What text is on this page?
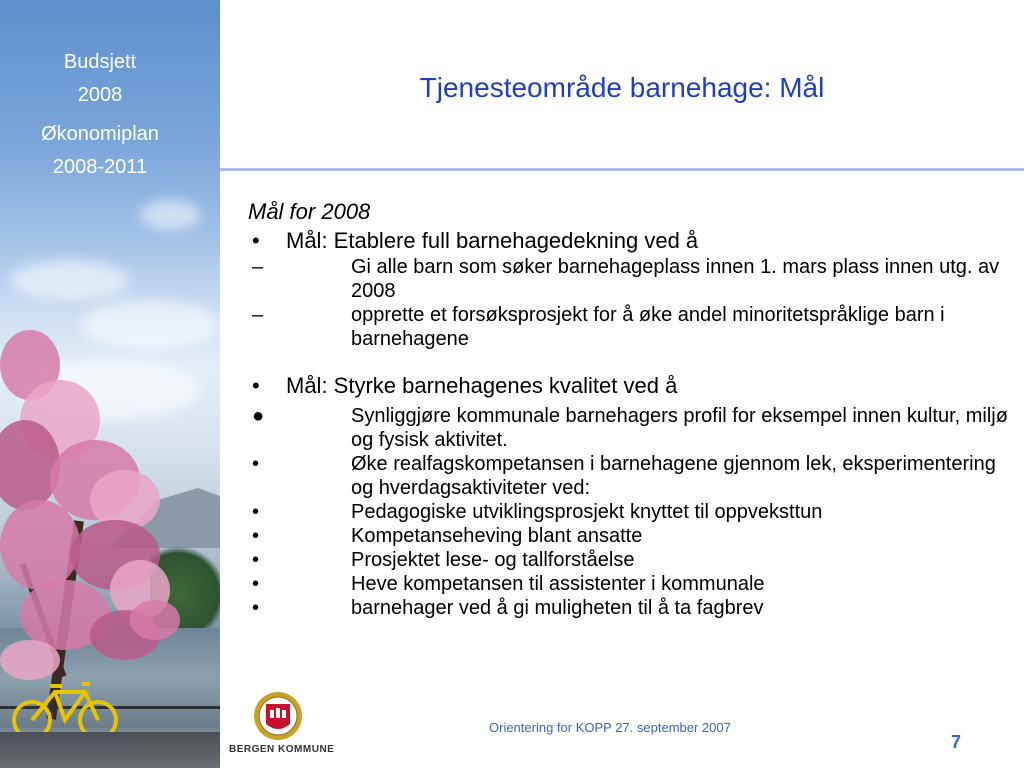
Budsjett
2008
Økonomiplan
2008-2011
Tjenesteområde barnehage: Mål
Mål for 2008
• Mål: Etablere full barnehagedekning ved å
–	Gi alle barn som søker barnehageplass innen 1. mars plass innen utg. av 2008
–	opprette et forsøksprosjekt for å øke andel minoritetspråklige barn i barnehagene
• Mål: Styrke barnehagenes kvalitet ved å
●	Synliggjøre kommunale barnehagers profil for eksempel innen kultur, miljø og fysisk aktivitet.
•	Øke realfagskompetansen i barnehagene gjennom lek, eksperimentering og hverdagsaktiviteter ved:
•	Pedagogiske utviklingsprosjekt knyttet til oppveksttun
•	Kompetanseheving blant ansatte
•	Prosjektet lese- og tallforståelse
•	Heve kompetansen til assistenter i kommunale
•	barnehager ved å gi muligheten til å ta fagbrev
BERGEN KOMMUNE
Orientering for KOPP 27. september 2007
7
